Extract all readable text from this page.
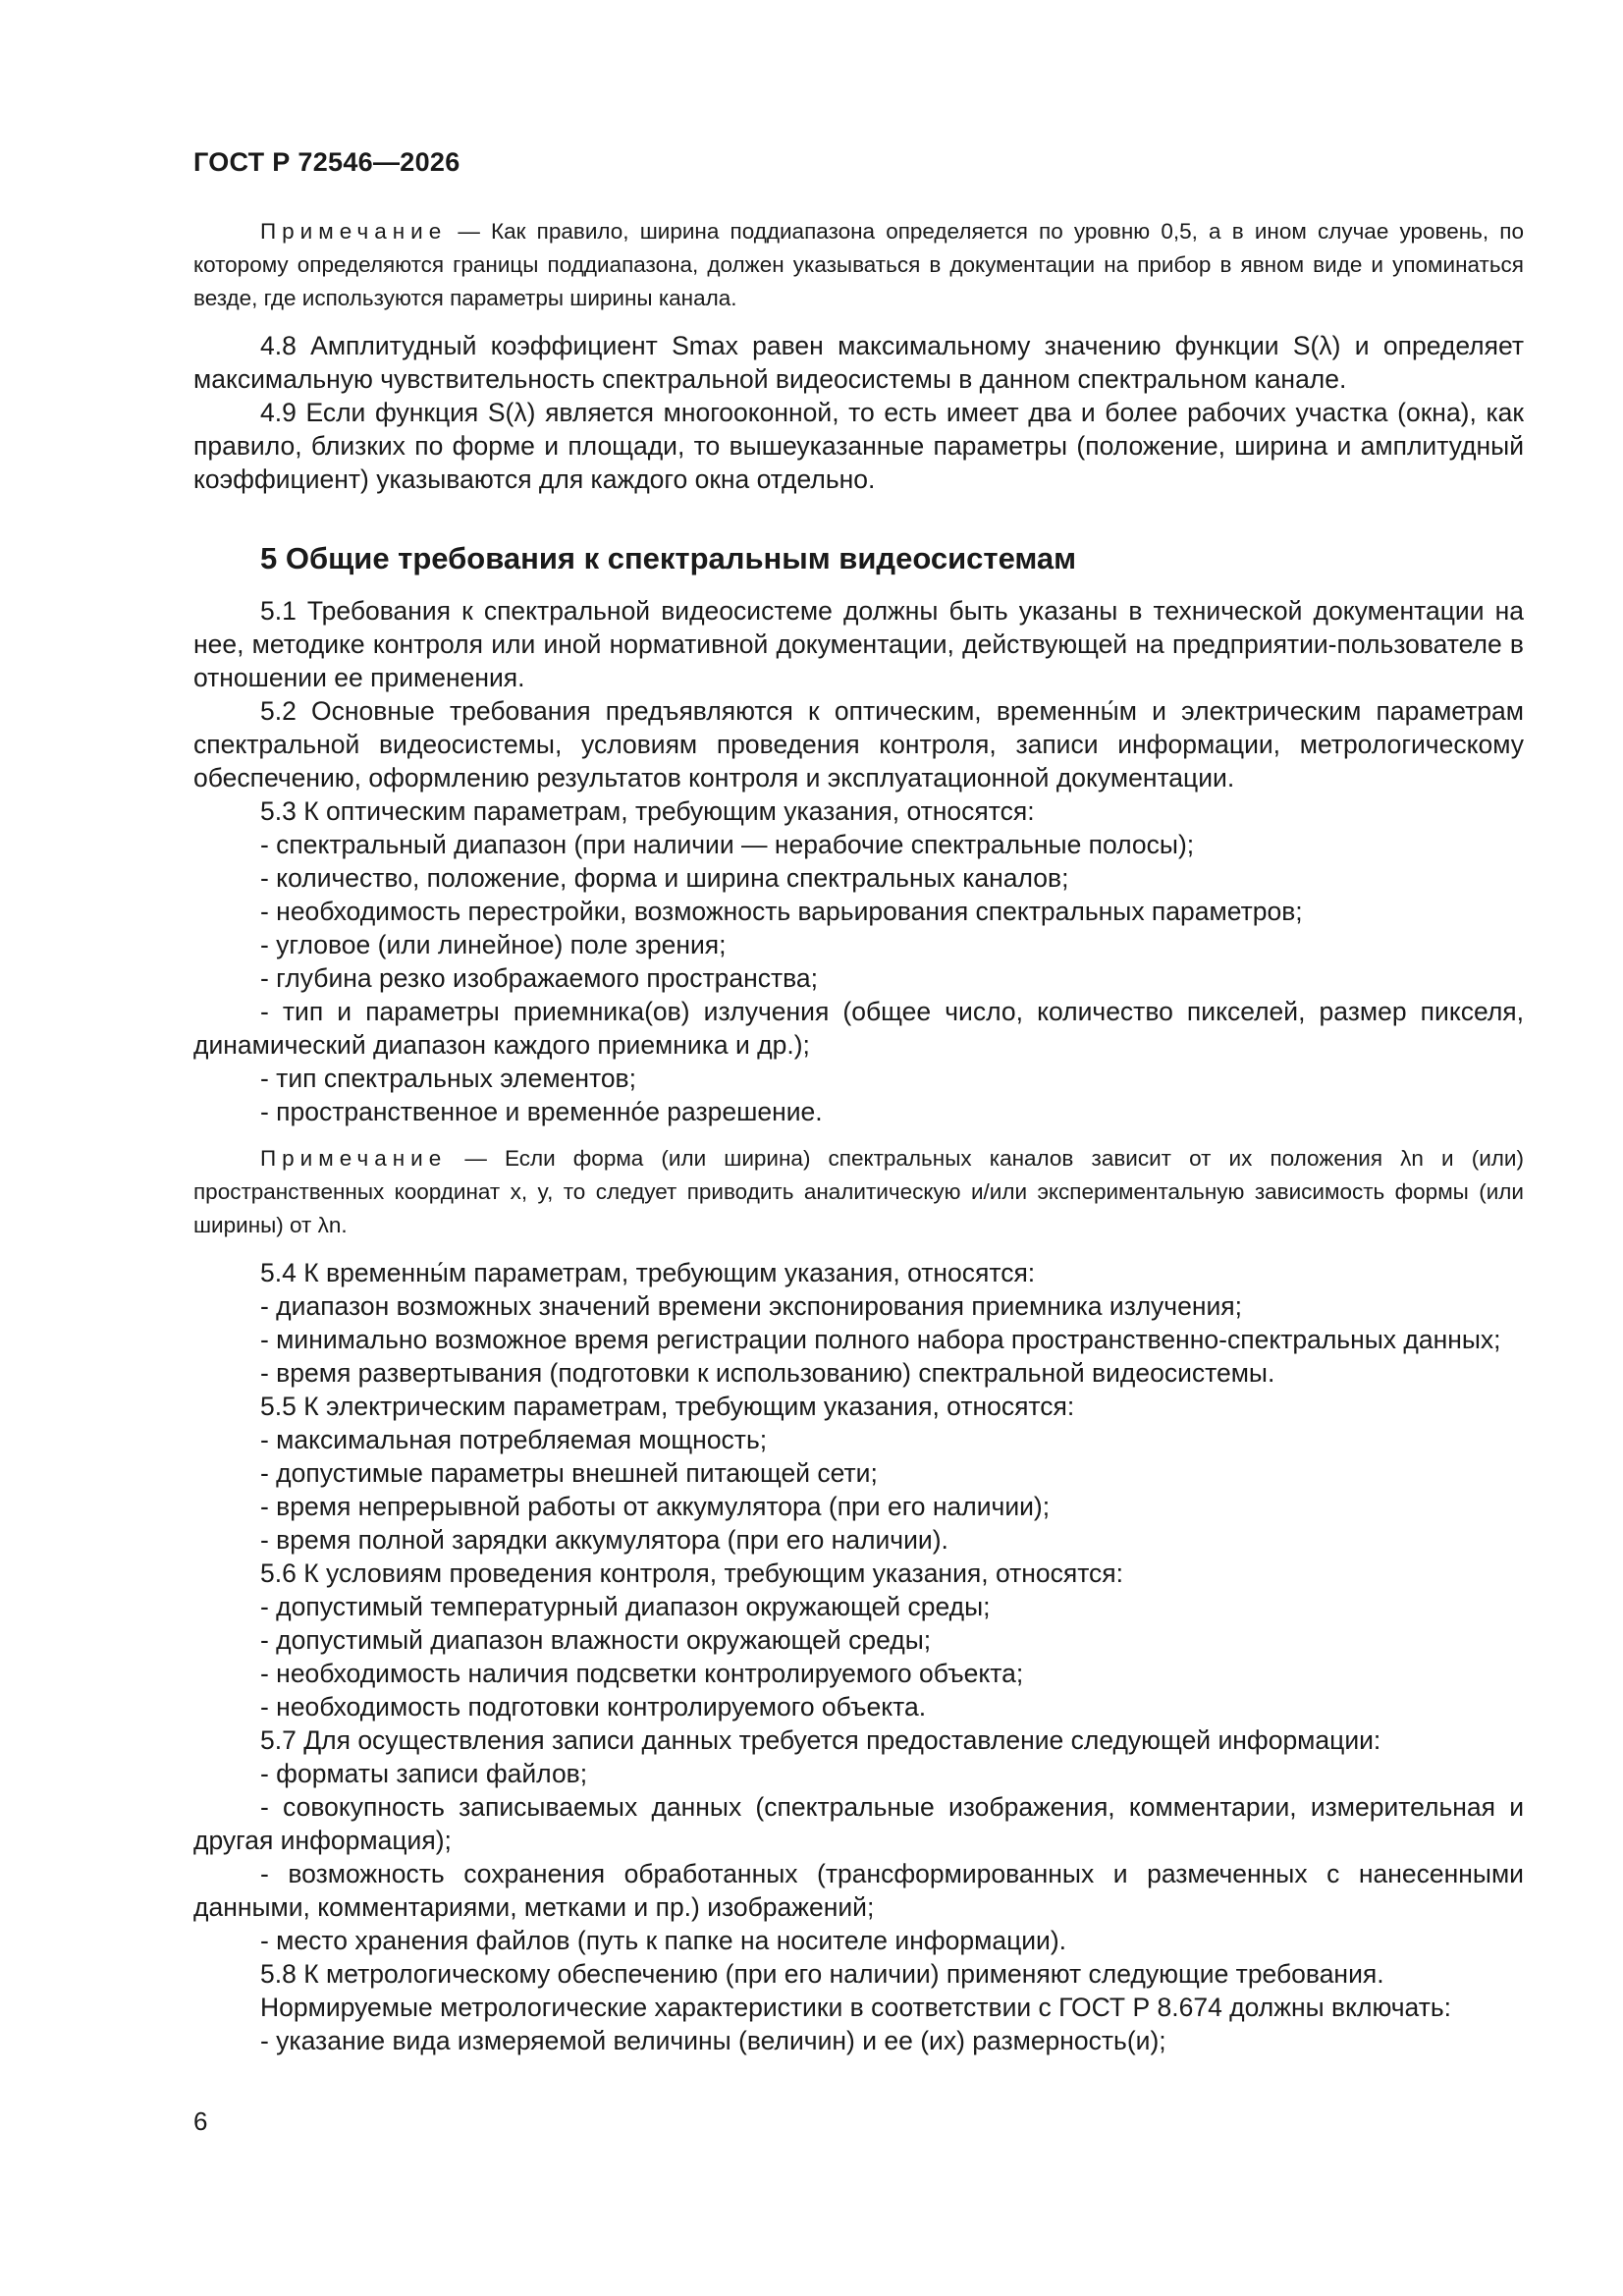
ГОСТ Р 72546—2026

Примечание — Как правило, ширина поддиапазона определяется по уровню 0,5, а в ином случае уровень, по которому определяются границы поддиапазона, должен указываться в документации на прибор в явном виде и упоминаться везде, где используются параметры ширины канала.

4.8 Амплитудный коэффициент Smax равен максимальному значению функции S(λ) и определяет максимальную чувствительность спектральной видеосистемы в данном спектральном канале.

4.9 Если функция S(λ) является многооконной, то есть имеет два и более рабочих участка (окна), как правило, близких по форме и площади, то вышеуказанные параметры (положение, ширина и амплитудный коэффициент) указываются для каждого окна отдельно.

5 Общие требования к спектральным видеосистемам

5.1 Требования к спектральной видеосистеме должны быть указаны в технической документации на нее, методике контроля или иной нормативной документации, действующей на предприятии-пользователе в отношении ее применения.

5.2 Основные требования предъявляются к оптическим, временны́м и электрическим параметрам спектральной видеосистемы, условиям проведения контроля, записи информации, метрологическому обеспечению, оформлению результатов контроля и эксплуатационной документации.

5.3 К оптическим параметрам, требующим указания, относятся:

- спектральный диапазон (при наличии — нерабочие спектральные полосы);

- количество, положение, форма и ширина спектральных каналов;

- необходимость перестройки, возможность варьирования спектральных параметров;

- угловое (или линейное) поле зрения;

- глубина резко изображаемого пространства;

- тип и параметры приемника(ов) излучения (общее число, количество пикселей, размер пикселя, динамический диапазон каждого приемника и др.);

- тип спектральных элементов;

- пространственное и временно́е разрешение.

Примечание — Если форма (или ширина) спектральных каналов зависит от их положения λn и (или) пространственных координат x, y, то следует приводить аналитическую и/или экспериментальную зависимость формы (или ширины) от λn.

5.4 К временны́м параметрам, требующим указания, относятся:

- диапазон возможных значений времени экспонирования приемника излучения;

- минимально возможное время регистрации полного набора пространственно-спектральных данных;

- время развертывания (подготовки к использованию) спектральной видеосистемы.

5.5 К электрическим параметрам, требующим указания, относятся:

- максимальная потребляемая мощность;

- допустимые параметры внешней питающей сети;

- время непрерывной работы от аккумулятора (при его наличии);

- время полной зарядки аккумулятора (при его наличии).

5.6 К условиям проведения контроля, требующим указания, относятся:

- допустимый температурный диапазон окружающей среды;

- допустимый диапазон влажности окружающей среды;

- необходимость наличия подсветки контролируемого объекта;

- необходимость подготовки контролируемого объекта.

5.7 Для осуществления записи данных требуется предоставление следующей информации:

- форматы записи файлов;

- совокупность записываемых данных (спектральные изображения, комментарии, измерительная и другая информация);

- возможность сохранения обработанных (трансформированных и размеченных с нанесенными данными, комментариями, метками и пр.) изображений;

- место хранения файлов (путь к папке на носителе информации).

5.8 К метрологическому обеспечению (при его наличии) применяют следующие требования.

Нормируемые метрологические характеристики в соответствии с ГОСТ Р 8.674 должны включать:

- указание вида измеряемой величины (величин) и ее (их) размерность(и);

6
